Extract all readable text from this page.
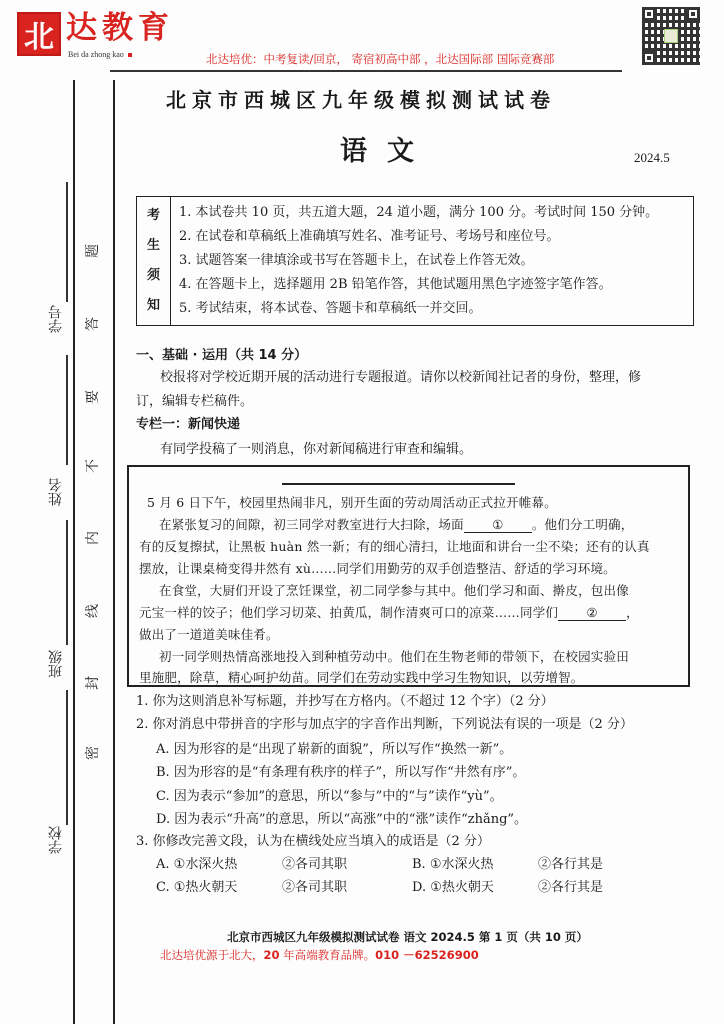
北 达教育
Bei da zhong kao	北达培优：中考复读/回京， 寄宿初高中部 ，北达国际部 国际竞赛部
学号
姓名
班级
学校
题
答
要
不
内
线
封
密
北京市西城区九年级模拟测试试卷
语文	2024.5
考
生
须
知
1. 本试卷共 10 页，共五道大题，24 道小题，满分 100 分。考试时间 150 分钟。
2. 在试卷和草稿纸上准确填写姓名、准考证号、考场号和座位号。
3. 试题答案一律填涂或书写在答题卡上，在试卷上作答无效。
4. 在答题卡上，选择题用 2B 铅笔作答，其他试题用黑色字迹签字笔作答。
5. 考试结束，将本试卷、答题卡和草稿纸一并交回。
一、基础 · 运用（共 14 分）
校报将对学校近期开展的活动进行专题报道。请你以校新闻社记者的身份，整理，修
订，编辑专栏稿件。
专栏一：新闻快递
有同学投稿了一则消息，你对新闻稿进行审查和编辑。

5 月 6 日下午，校园里热闹非凡，别开生面的劳动周活动正式拉开帷幕。

在紧张复习的间隙，初三同学对教室进行大扫除，场面 ① 。他们分工明确，

有的反复擦拭，让黑板 huàn 然一新；有的细心清扫，让地面和讲台一尘不染；还有的认真

摆放，让课桌椅变得井然有 xù……同学们用勤劳的双手创造整洁、舒适的学习环境。

在食堂，大厨们开设了烹饪课堂，初二同学参与其中。他们学习和面、擀皮，包出像

元宝一样的饺子；他们学习切菜、拍黄瓜，制作清爽可口的凉菜……同学们 ② ，

做出了一道道美味佳肴。

初一同学则热情高涨地投入到种植劳动中。他们在生物老师的带领下，在校园实验田

里施肥，除草，精心呵护幼苗。同学们在劳动实践中学习生物知识，以劳增智。

1. 你为这则消息补写标题，并抄写在方格内。（不超过 12 个字）（2 分）
2. 你对消息中带拼音的字形与加点字的字音作出判断，下列说法有误的一项是（2 分）
A. 因为形容的是“出现了崭新的面貌”，所以写作“换然一新”。
B. 因为形容的是“有条理有秩序的样子”，所以写作“井然有序”。
C. 因为表示“参加”的意思，所以“参与”中的“与”读作“yù”。
D. 因为表示“升高”的意思，所以“高涨”中的“涨”读作“zhǎng”。
3. 你修改完善文段，认为在横线处应当填入的成语是（2 分）
A. ①水深火热	②各司其职	B. ①水深火热	②各行其是
C. ①热火朝天	②各司其职	D. ①热火朝天	②各行其是
北京市西城区九年级模拟测试试卷 语文 2024.5 第 1 页（共 10 页）
北达培优源于北大，20 年高端教育品牌。010 －62526900
